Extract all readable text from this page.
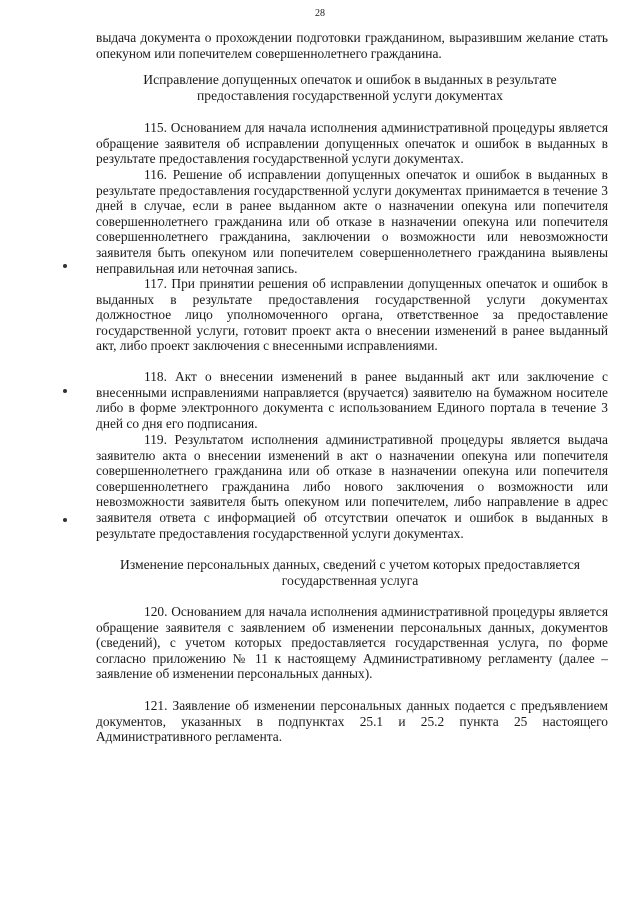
28
выдача документа о прохождении подготовки гражданином, выразившим желание стать опекуном или попечителем совершеннолетнего гражданина.
Исправление допущенных опечаток и ошибок в выданных в результате предоставления государственной услуги документах
115. Основанием для начала исполнения административной процедуры является обращение заявителя об исправлении допущенных опечаток и ошибок в выданных в результате предоставления государственной услуги документах.
116. Решение об исправлении допущенных опечаток и ошибок в выданных в результате предоставления государственной услуги документах принимается в течение 3 дней в случае, если в ранее выданном акте о назначении опекуна или попечителя совершеннолетнего гражданина или об отказе в назначении опекуна или попечителя совершеннолетнего гражданина, заключении о возможности или невозможности заявителя быть опекуном или попечителем совершеннолетнего гражданина выявлены неправильная или неточная запись.
117. При принятии решения об исправлении допущенных опечаток и ошибок в выданных в результате предоставления государственной услуги документах должностное лицо уполномоченного органа, ответственное за предоставление государственной услуги, готовит проект акта о внесении изменений в ранее выданный акт, либо проект заключения с внесенными исправлениями.
118. Акт о внесении изменений в ранее выданный акт или заключение с внесенными исправлениями направляется (вручается) заявителю на бумажном носителе либо в форме электронного документа с использованием Единого портала в течение 3 дней со дня его подписания.
119. Результатом исполнения административной процедуры является выдача заявителю акта о внесении изменений в акт о назначении опекуна или попечителя совершеннолетнего гражданина или об отказе в назначении опекуна или попечителя совершеннолетнего гражданина либо нового заключения о возможности или невозможности заявителя быть опекуном или попечителем, либо направление в адрес заявителя ответа с информацией об отсутствии опечаток и ошибок в выданных в результате предоставления государственной услуги документах.
Изменение персональных данных, сведений с учетом которых предоставляется государственная услуга
120. Основанием для начала исполнения административной процедуры является обращение заявителя с заявлением об изменении персональных данных, документов (сведений), с учетом которых предоставляется государственная услуга, по форме согласно приложению № 11 к настоящему Административному регламенту (далее – заявление об изменении персональных данных).
121. Заявление об изменении персональных данных подается с предъявлением документов, указанных в подпунктах 25.1 и 25.2 пункта 25 настоящего Административного регламента.
